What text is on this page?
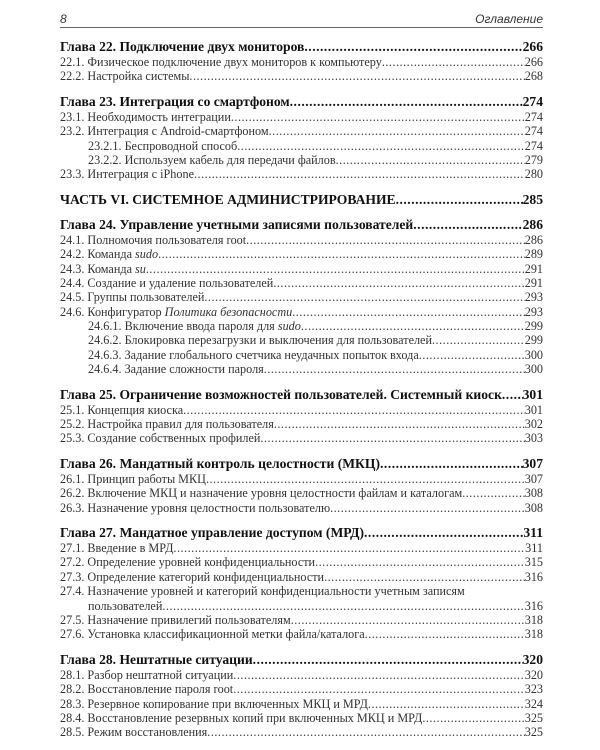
8	Оглавление
Глава 22. Подключение двух мониторов .....	266
22.1. Физическое подключение двух мониторов к компьютеру .....	266
22.2. Настройка системы .....	268
Глава 23. Интеграция со смартфоном .....	274
23.1. Необходимость интеграции .....	274
23.2. Интеграция с Android-смартфоном .....	274
23.2.1. Беспроводной способ .....	274
23.2.2. Используем кабель для передачи файлов .....	279
23.3. Интеграция с iPhone .....	280
ЧАСТЬ VI. СИСТЕМНОЕ АДМИНИСТРИРОВАНИЕ .....	285
Глава 24. Управление учетными записями пользователей .....	286
24.1. Полномочия пользователя root .....	286
24.2. Команда sudo .....	289
24.3. Команда su .....	291
24.4. Создание и удаление пользователей .....	291
24.5. Группы пользователей .....	293
24.6. Конфигуратор Политика безопасности .....	293
24.6.1. Включение ввода пароля для sudo .....	299
24.6.2. Блокировка перезагрузки и выключения для пользователей .....	299
24.6.3. Задание глобального счетчика неудачных попыток входа .....	300
24.6.4. Задание сложности пароля .....	300
Глава 25. Ограничение возможностей пользователей. Системный киоск ..... 301
25.1. Концепция киоска .....	301
25.2. Настройка правил для пользователя .....	302
25.3. Создание собственных профилей .....	303
Глава 26. Мандатный контроль целостности (МКЦ) .....	307
26.1. Принцип работы МКЦ .....	307
26.2. Включение МКЦ и назначение уровня целостности файлам и каталогам .....	308
26.3. Назначение уровня целостности пользователю .....	308
Глава 27. Мандатное управление доступом (МРД) .....	311
27.1. Введение в МРД .....	311
27.2. Определение уровней конфиденциальности .....	315
27.3. Определение категорий конфиденциальности .....	316
27.4. Назначение уровней и категорий конфиденциальности учетным записям
пользователей .....	316
27.5. Назначение привилегий пользователям .....	318
27.6. Установка классификационной метки файла/каталога .....	318
Глава 28. Нештатные ситуации .....	320
28.1. Разбор нештатной ситуации .....	320
28.2. Восстановление пароля root .....	323
28.3. Резервное копирование при включенных МКЦ и МРД .....	324
28.4. Восстановление резервных копий при включенных МКЦ и МРД .....	325
28.5. Режим восстановления .....	325
